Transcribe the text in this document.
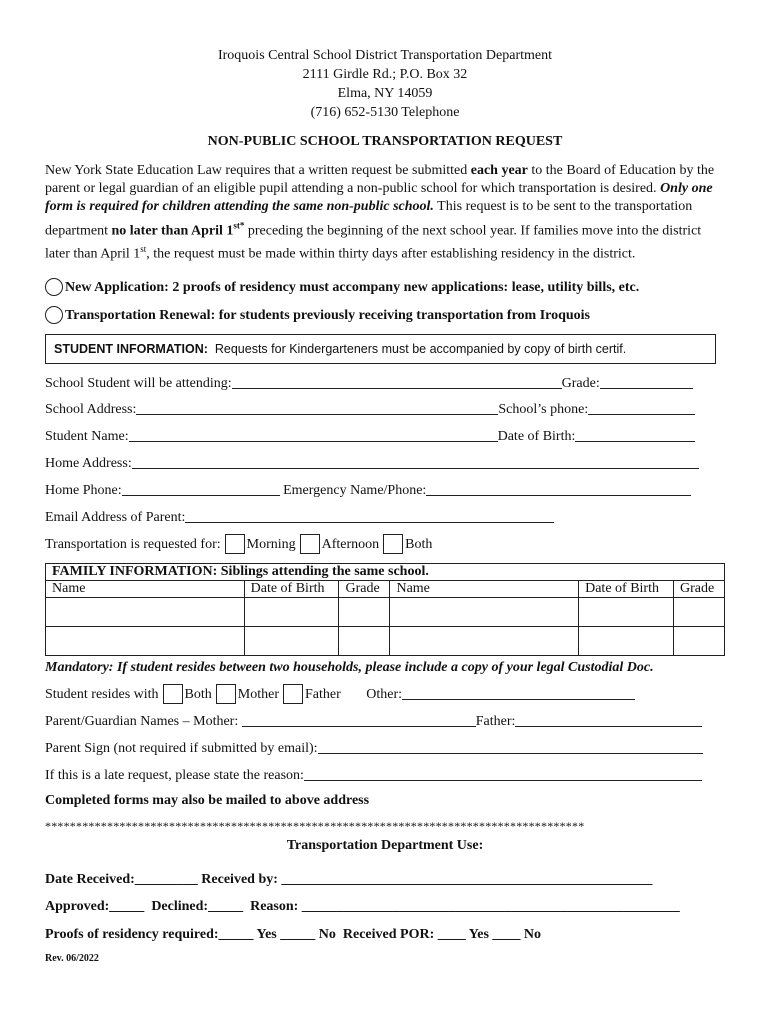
Iroquois Central School District Transportation Department
2111 Girdle Rd.; P.O. Box 32
Elma, NY 14059
(716) 652-5130 Telephone
NON-PUBLIC SCHOOL TRANSPORTATION REQUEST
New York State Education Law requires that a written request be submitted each year to the Board of Education by the parent or legal guardian of an eligible pupil attending a non-public school for which transportation is desired. Only one form is required for children attending the same non-public school. This request is to be sent to the transportation department no later than April $1^{st*}$ preceding the beginning of the next school year. If families move into the district later than April 1st, the request must be made within thirty days after establishing residency in the district.
New Application: 2 proofs of residency must accompany new applications: lease, utility bills, etc.
Transportation Renewal: for students previously receiving transportation from Iroquois
STUDENT INFORMATION: Requests for Kindergarteners must be accompanied by copy of birth certif.
School Student will be attending:	Grade:
School Address:	School’s phone:
Student Name:	Date of Birth:
Home Address:
Home Phone:	Emergency Name/Phone:
Email Address of Parent:
Transportation is requested for: Morning Afternoon Both
FAMILY INFORMATION: Siblings attending the same school.					
Name	Date of Birth	Grade	Name	Date of Birth	Grade

Mandatory: If student resides between two households, please include a copy of your legal Custodial Doc.
Student resides with Both Mother Father Other:
Parent/Guardian Names – Mother:	Father:
Parent Sign (not required if submitted by email):
If this is a late request, please state the reason:
Completed forms may also be mailed to above address
***************************************************************************************
Transportation Department Use:
Date Received:_________ Received by: _____________________________________________________
Approved:_____ Declined:_____ Reason: ______________________________________________________
Proofs of residency required:_____ Yes _____ No Received POR: ____ Yes ____ No
Rev. 06/2022
